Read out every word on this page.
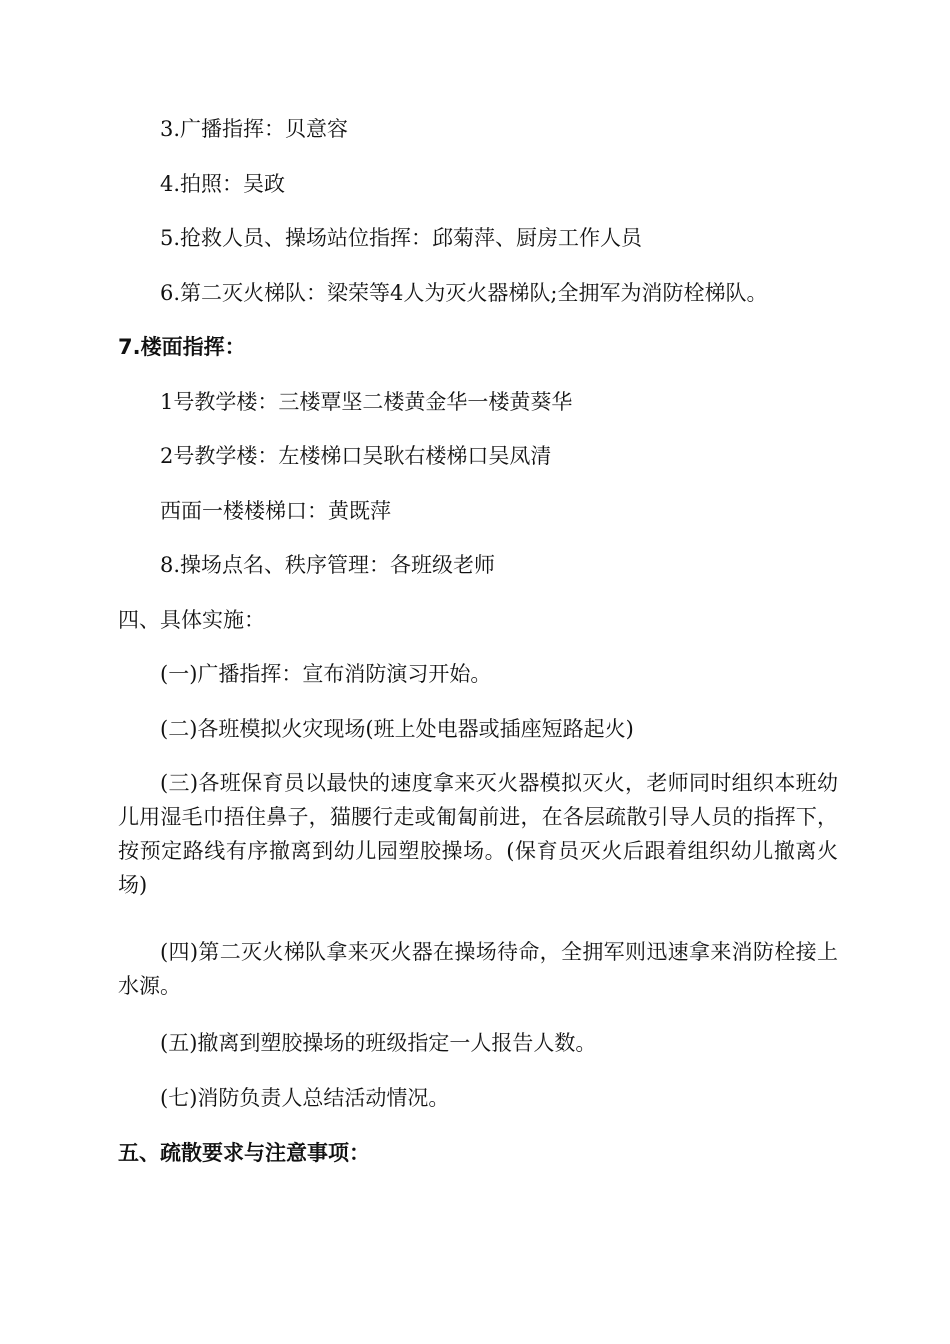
3.广播指挥：贝意容
4.拍照：吴政
5.抢救人员、操场站位指挥：邱菊萍、厨房工作人员
6.第二灭火梯队：梁荣等4人为灭火器梯队;全拥军为消防栓梯队。
7.楼面指挥：
1号教学楼：三楼覃坚二楼黄金华一楼黄葵华
2号教学楼：左楼梯口吴耿右楼梯口吴凤清
西面一楼楼梯口：黄既萍
8.操场点名、秩序管理：各班级老师
四、具体实施：
(一)广播指挥：宣布消防演习开始。
(二)各班模拟火灾现场(班上处电器或插座短路起火)
(三)各班保育员以最快的速度拿来灭火器模拟灭火，老师同时组织本班幼儿用湿毛巾捂住鼻子，猫腰行走或匍匐前进，在各层疏散引导人员的指挥下，按预定路线有序撤离到幼儿园塑胶操场。(保育员灭火后跟着组织幼儿撤离火场)
(四)第二灭火梯队拿来灭火器在操场待命，全拥军则迅速拿来消防栓接上水源。
(五)撤离到塑胶操场的班级指定一人报告人数。
(七)消防负责人总结活动情况。
五、疏散要求与注意事项：
